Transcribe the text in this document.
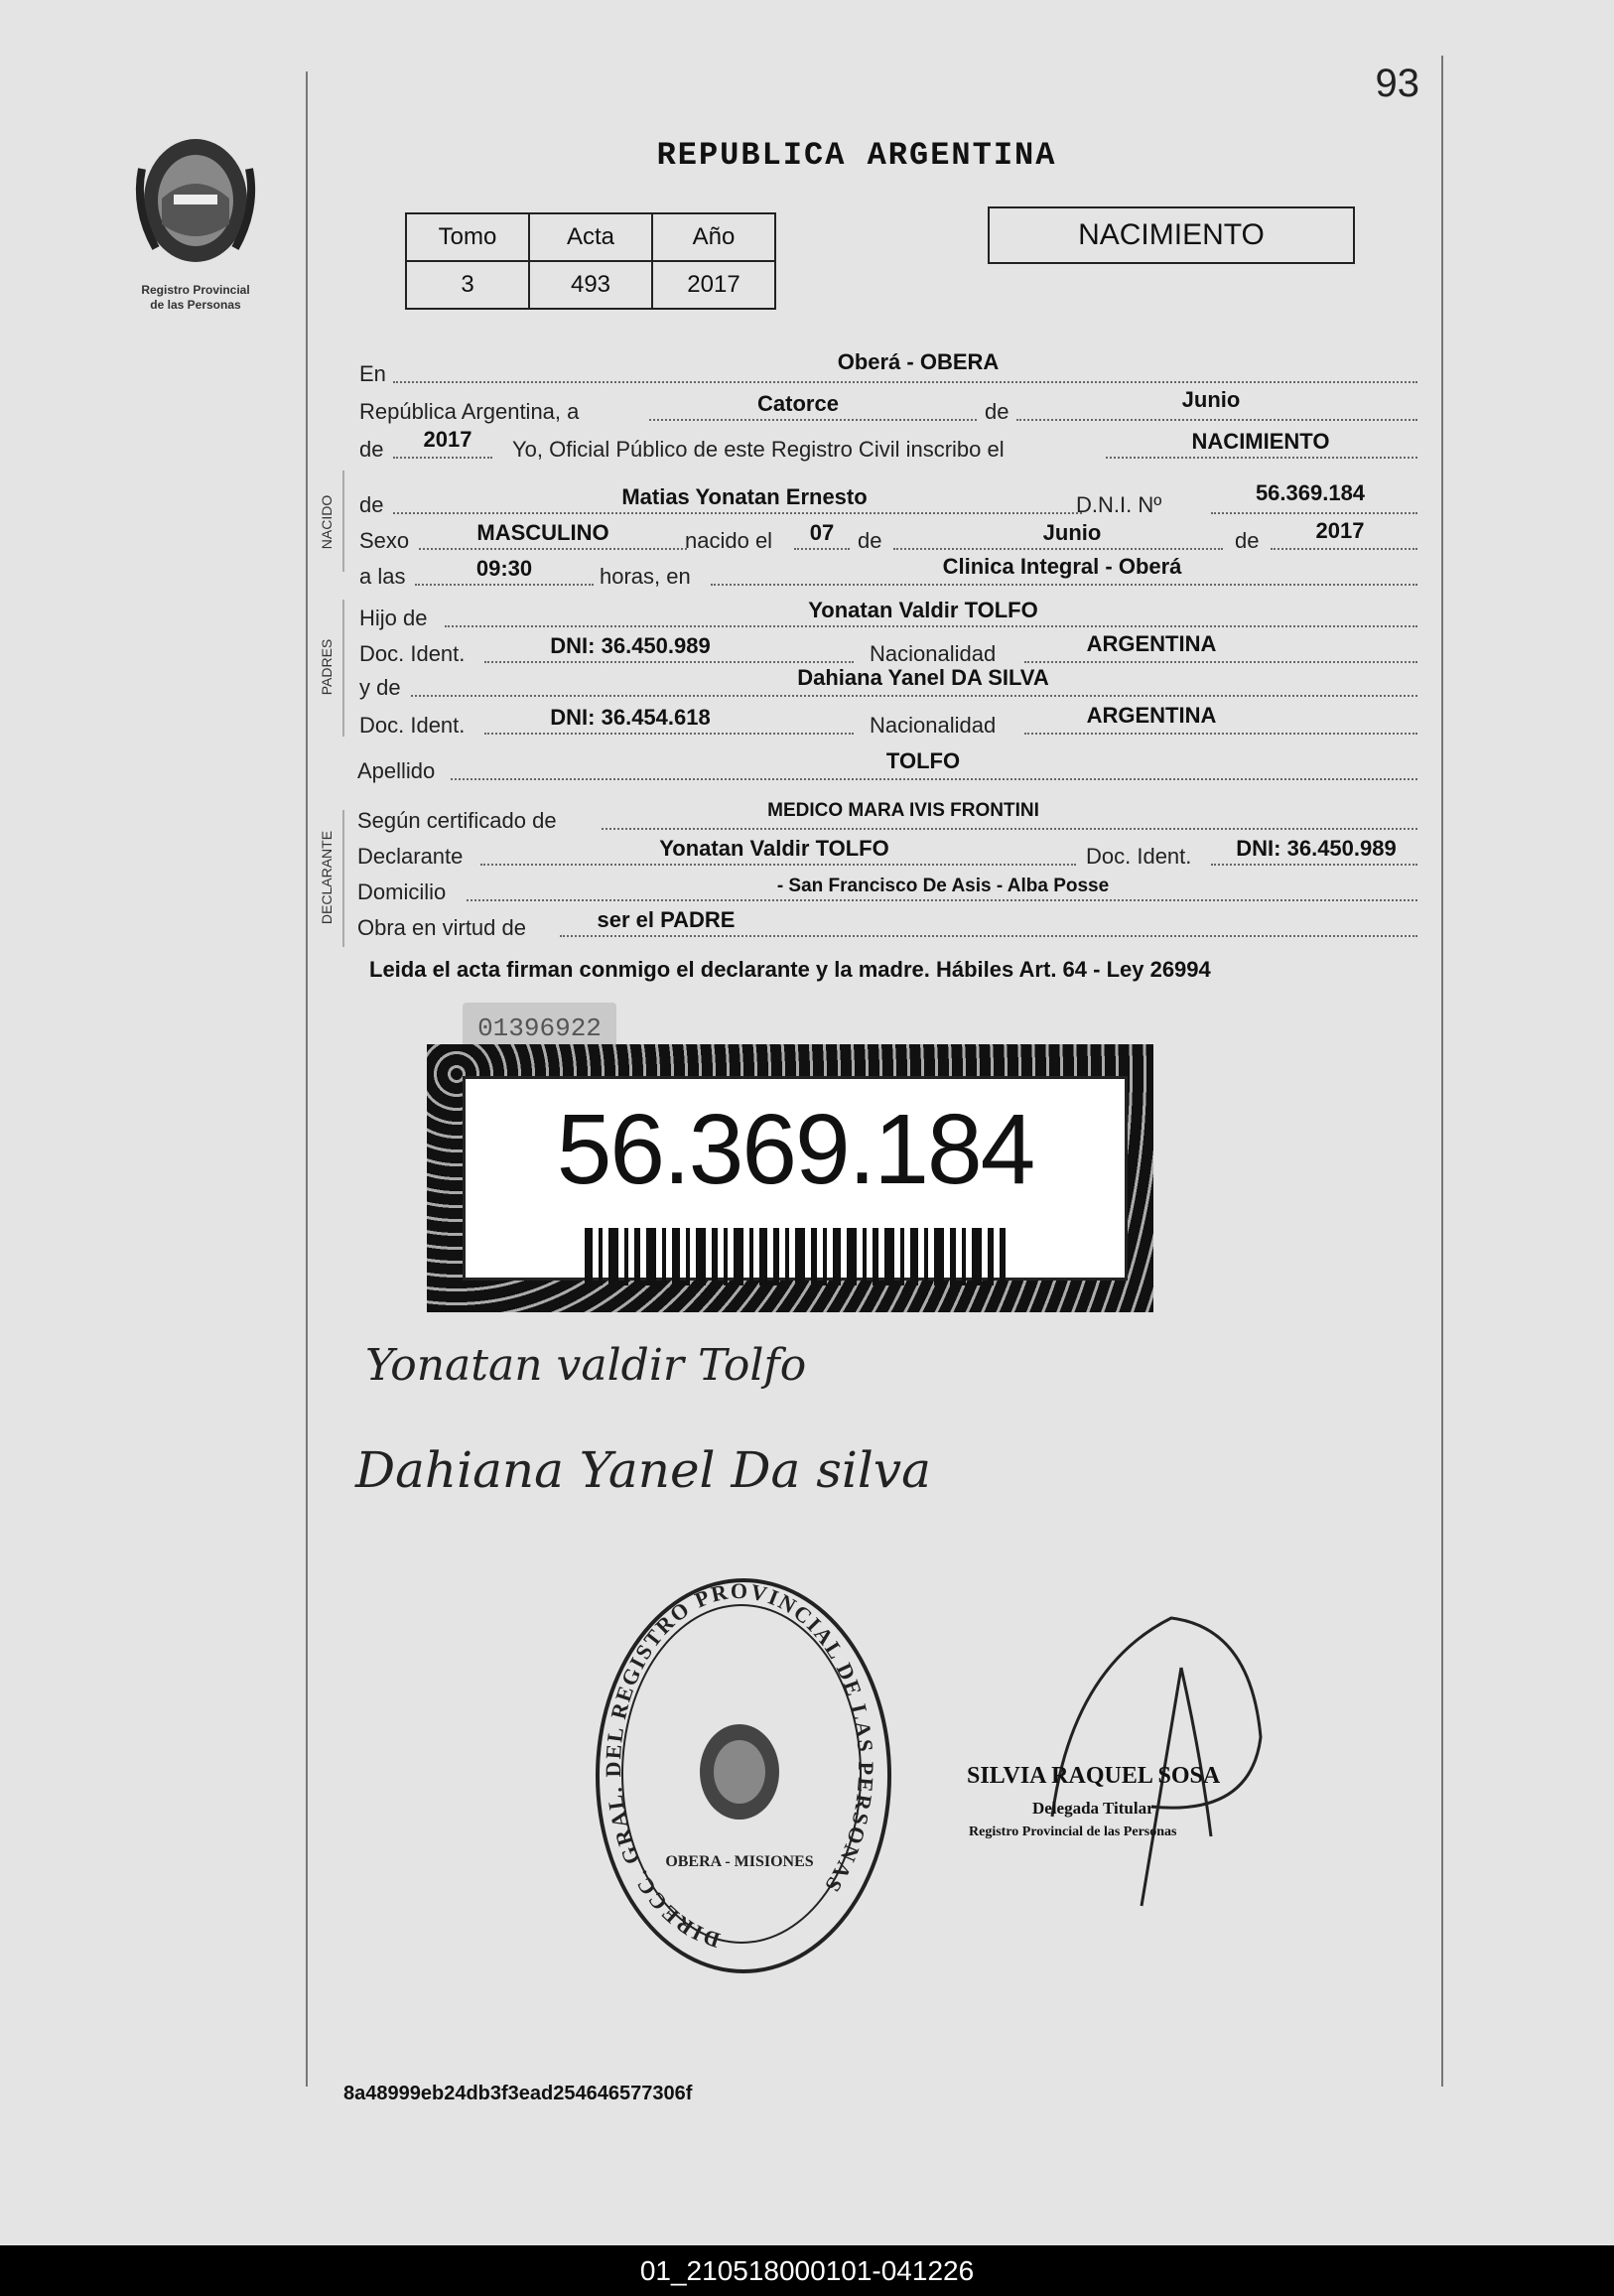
93
Registro Provincial
de las Personas
REPUBLICA ARGENTINA
Tomo	Acta	Año
3	493	2017
NACIMIENTO
En	Oberá - OBERA
República Argentina, a	Catorce	de	Junio
de	2017	Yo, Oficial Público de este Registro Civil inscribo el	NACIMIENTO
NACIDO de	Matias Yonatan Ernesto	D.N.I. Nº	56.369.184
Sexo	MASCULINO	nacido el	07	de	Junio	de	2017
a las	09:30	horas, en	Clinica Integral - Oberá
PADRES
Hijo de	Yonatan Valdir TOLFO
Doc. Ident.	DNI: 36.450.989	Nacionalidad	ARGENTINA
y de	Dahiana Yanel DA SILVA
Doc. Ident.	DNI: 36.454.618	Nacionalidad	ARGENTINA
Apellido	TOLFO
DECLARANTE
Según certificado de	MEDICO MARA IVIS FRONTINI
Declarante	Yonatan Valdir TOLFO	Doc. Ident.	DNI: 36.450.989
Domicilio	- San Francisco De Asis - Alba Posse
Obra en virtud de	ser el PADRE
Leida el acta firman conmigo el declarante y la madre. Hábiles Art. 64 - Ley 26994
01396922
56.369.184
Yonatan valdir Tolfo
Dahiana Yanel Da silva
DIRECC. GRAL. DEL REGISTRO PROVINCIAL DE LAS PERSONAS
OBERA - MISIONES
SILVIA RAQUEL SOSA
Delegada Titular
Registro Provincial de las Personas
8a48999eb24db3f3ead254646577306f
01_210518000101-041226
